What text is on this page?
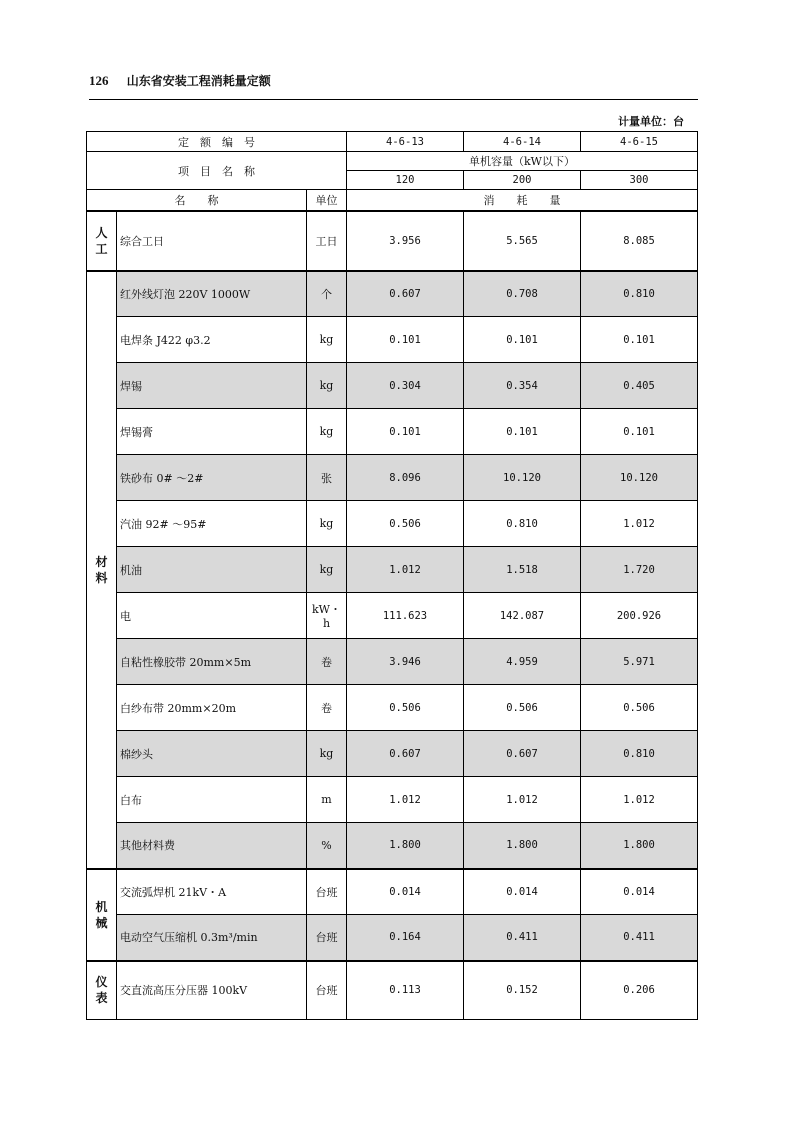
126 山东省安装工程消耗量定额
计量单位：台
定　额　编　号			4-6-13	4-6-14	4-6-15
项　目　名　称			单机容量（kW以下）		
			120	200	300
名　　称		单位	消　　耗　　量		
人
工	综合工日	工日	3.956	5.565	8.085
材
料	红外线灯泡 220V 1000W	个	0.607	0.708	0.810
	电焊条 J422 φ3.2	kg	0.101	0.101	0.101
	焊锡	kg	0.304	0.354	0.405
	焊锡膏	kg	0.101	0.101	0.101
	铁砂布 0# ～2#	张	8.096	10.120	10.120
	汽油 92# ～95#	kg	0.506	0.810	1.012
	机油	kg	1.012	1.518	1.720
	电	kW・h	111.623	142.087	200.926
	自粘性橡胶带 20mm×5m	卷	3.946	4.959	5.971
	白纱布带 20mm×20m	卷	0.506	0.506	0.506
	棉纱头	kg	0.607	0.607	0.810
	白布	m	1.012	1.012	1.012
	其他材料费	%	1.800	1.800	1.800
机
械	交流弧焊机 21kV・A	台班	0.014	0.014	0.014
	电动空气压缩机 0.3m³/min	台班	0.164	0.411	0.411
仪
表	交直流高压分压器 100kV	台班	0.113	0.152	0.206
